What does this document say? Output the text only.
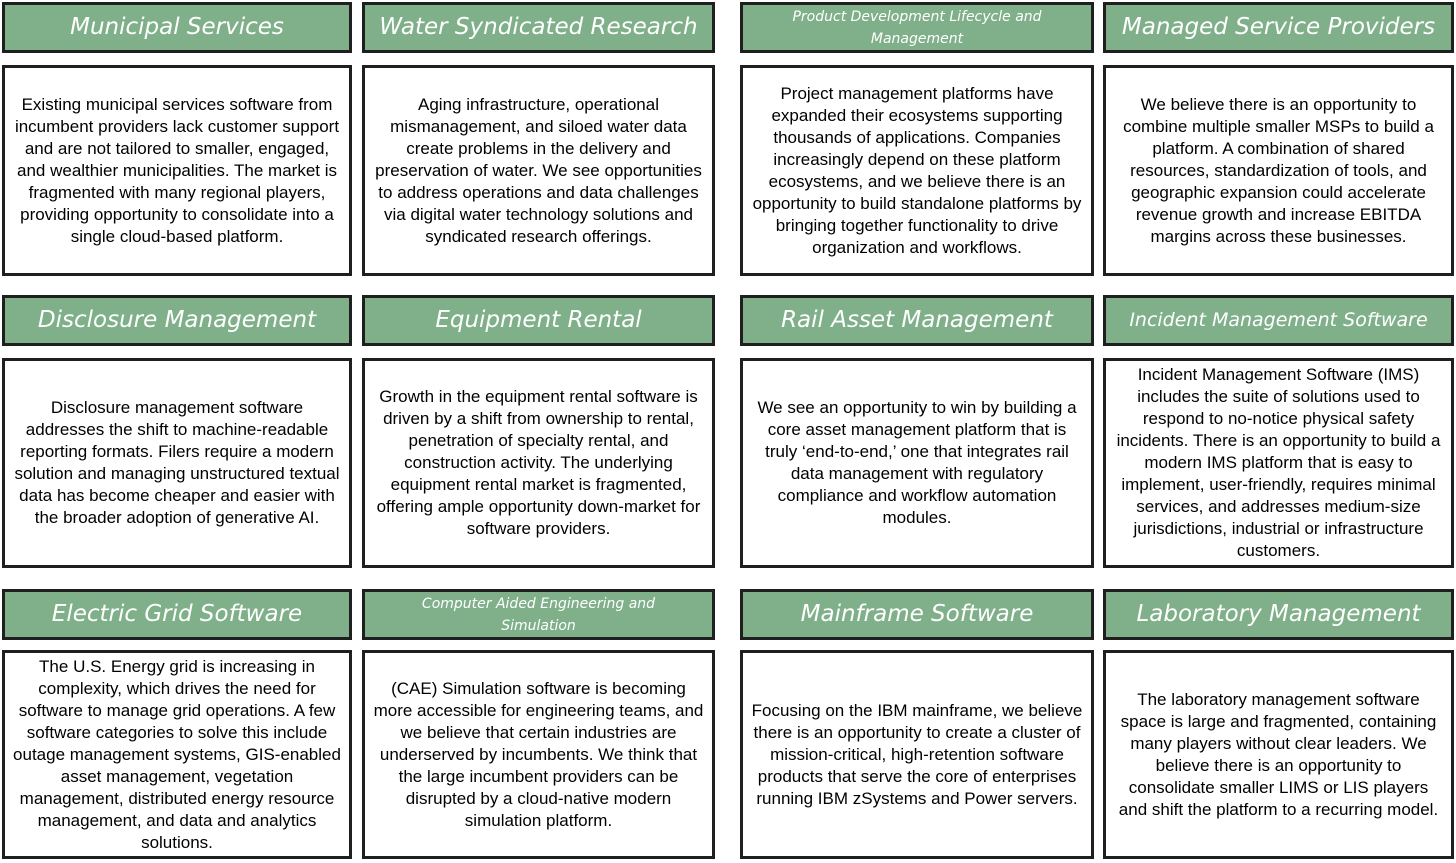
Municipal Services
Existing municipal services software from incumbent providers lack customer support and are not tailored to smaller, engaged, and wealthier municipalities. The market is fragmented with many regional players, providing opportunity to consolidate into a single cloud-based platform.
Water Syndicated Research
Aging infrastructure, operational mismanagement, and siloed water data create problems in the delivery and preservation of water. We see opportunities to address operations and data challenges via digital water technology solutions and syndicated research offerings.
Product Development Lifecycle and Management
Project management platforms have expanded their ecosystems supporting thousands of applications. Companies increasingly depend on these platform ecosystems, and we believe there is an opportunity to build standalone platforms by bringing together functionality to drive organization and workflows.
Managed Service Providers
We believe there is an opportunity to combine multiple smaller MSPs to build a platform. A combination of shared resources, standardization of tools, and geographic expansion could accelerate revenue growth and increase EBITDA margins across these businesses.
Disclosure Management
Disclosure management software addresses the shift to machine-readable reporting formats. Filers require a modern solution and managing unstructured textual data has become cheaper and easier with the broader adoption of generative AI.
Equipment Rental
Growth in the equipment rental software is driven by a shift from ownership to rental, penetration of specialty rental, and construction activity. The underlying equipment rental market is fragmented, offering ample opportunity down-market for software providers.
Rail Asset Management
We see an opportunity to win by building a core asset management platform that is truly ‘end-to-end,’ one that integrates rail data management with regulatory compliance and workflow automation modules.
Incident Management Software
Incident Management Software (IMS) includes the suite of solutions used to respond to no-notice physical safety incidents. There is an opportunity to build a modern IMS platform that is easy to implement, user-friendly, requires minimal services, and addresses medium-size jurisdictions, industrial or infrastructure customers.
Electric Grid Software
The U.S. Energy grid is increasing in complexity, which drives the need for software to manage grid operations. A few software categories to solve this include outage management systems, GIS-enabled asset management, vegetation management, distributed energy resource management, and data and analytics solutions.
Computer Aided Engineering and Simulation
(CAE) Simulation software is becoming more accessible for engineering teams, and we believe that certain industries are underserved by incumbents. We think that the large incumbent providers can be disrupted by a cloud-native modern simulation platform.
Mainframe Software
Focusing on the IBM mainframe, we believe there is an opportunity to create a cluster of mission-critical, high-retention software products that serve the core of enterprises running IBM zSystems and Power servers.
Laboratory Management
The laboratory management software space is large and fragmented, containing many players without clear leaders. We believe there is an opportunity to consolidate smaller LIMS or LIS players and shift the platform to a recurring model.
